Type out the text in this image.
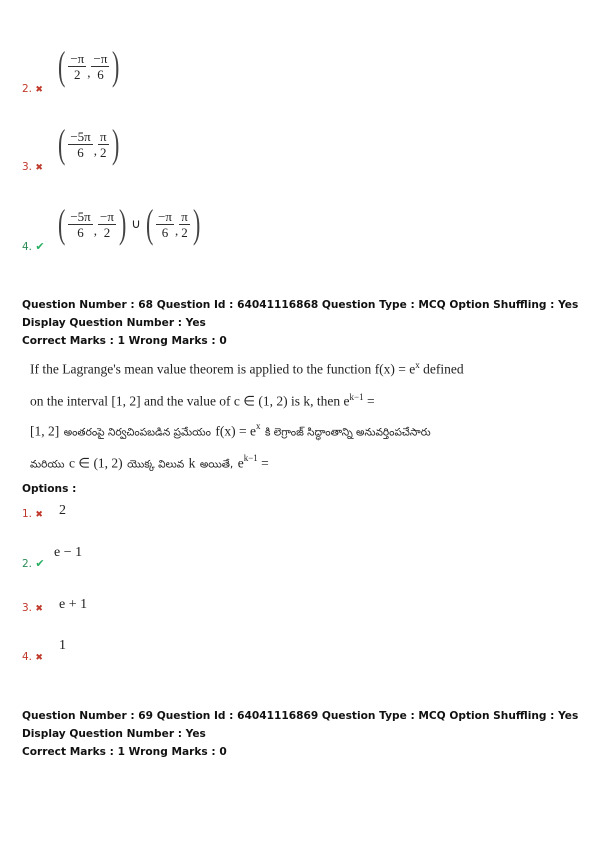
( $\frac{-\pi}{2}$ , $\frac{-\pi}{6}$ )
2. ✖
( $\frac{-5\pi}{6}$ , $\frac{\pi}{2}$ )
3. ✖
( $\frac{-5\pi}{6}$ , $\frac{-\pi}{2}$ ) ∪ ( $\frac{-\pi}{6}$ , $\frac{\pi}{2}$ )
4. ✔
Question Number : 68 Question Id : 64041116868 Question Type : MCQ Option Shuffling : Yes
Display Question Number : Yes
Correct Marks : 1 Wrong Marks : 0
If the Lagrange's mean value theorem is applied to the function $f(x) = e^x$ defined
on the interval [1, 2] and the value of c ∈ (1, 2) is k, then $e^{k-1}$ =
[1, 2] అంతరంపై నిర్వచింపబడిన ప్రమేయం $f(x) = e^x$ కి లెగ్రాంజ్ సిద్ధాంతాన్ని అనువర్తింపచేసారు
మరియు c ∈ (1, 2) యొక్క విలువ k అయితే, $e^{k-1}$ =
Options :
1. ✖ 2
2. ✔
e − 1
3. ✖ e + 1
4. ✖
1
Question Number : 69 Question Id : 64041116869 Question Type : MCQ Option Shuffling : Yes
Display Question Number : Yes
Correct Marks : 1 Wrong Marks : 0
